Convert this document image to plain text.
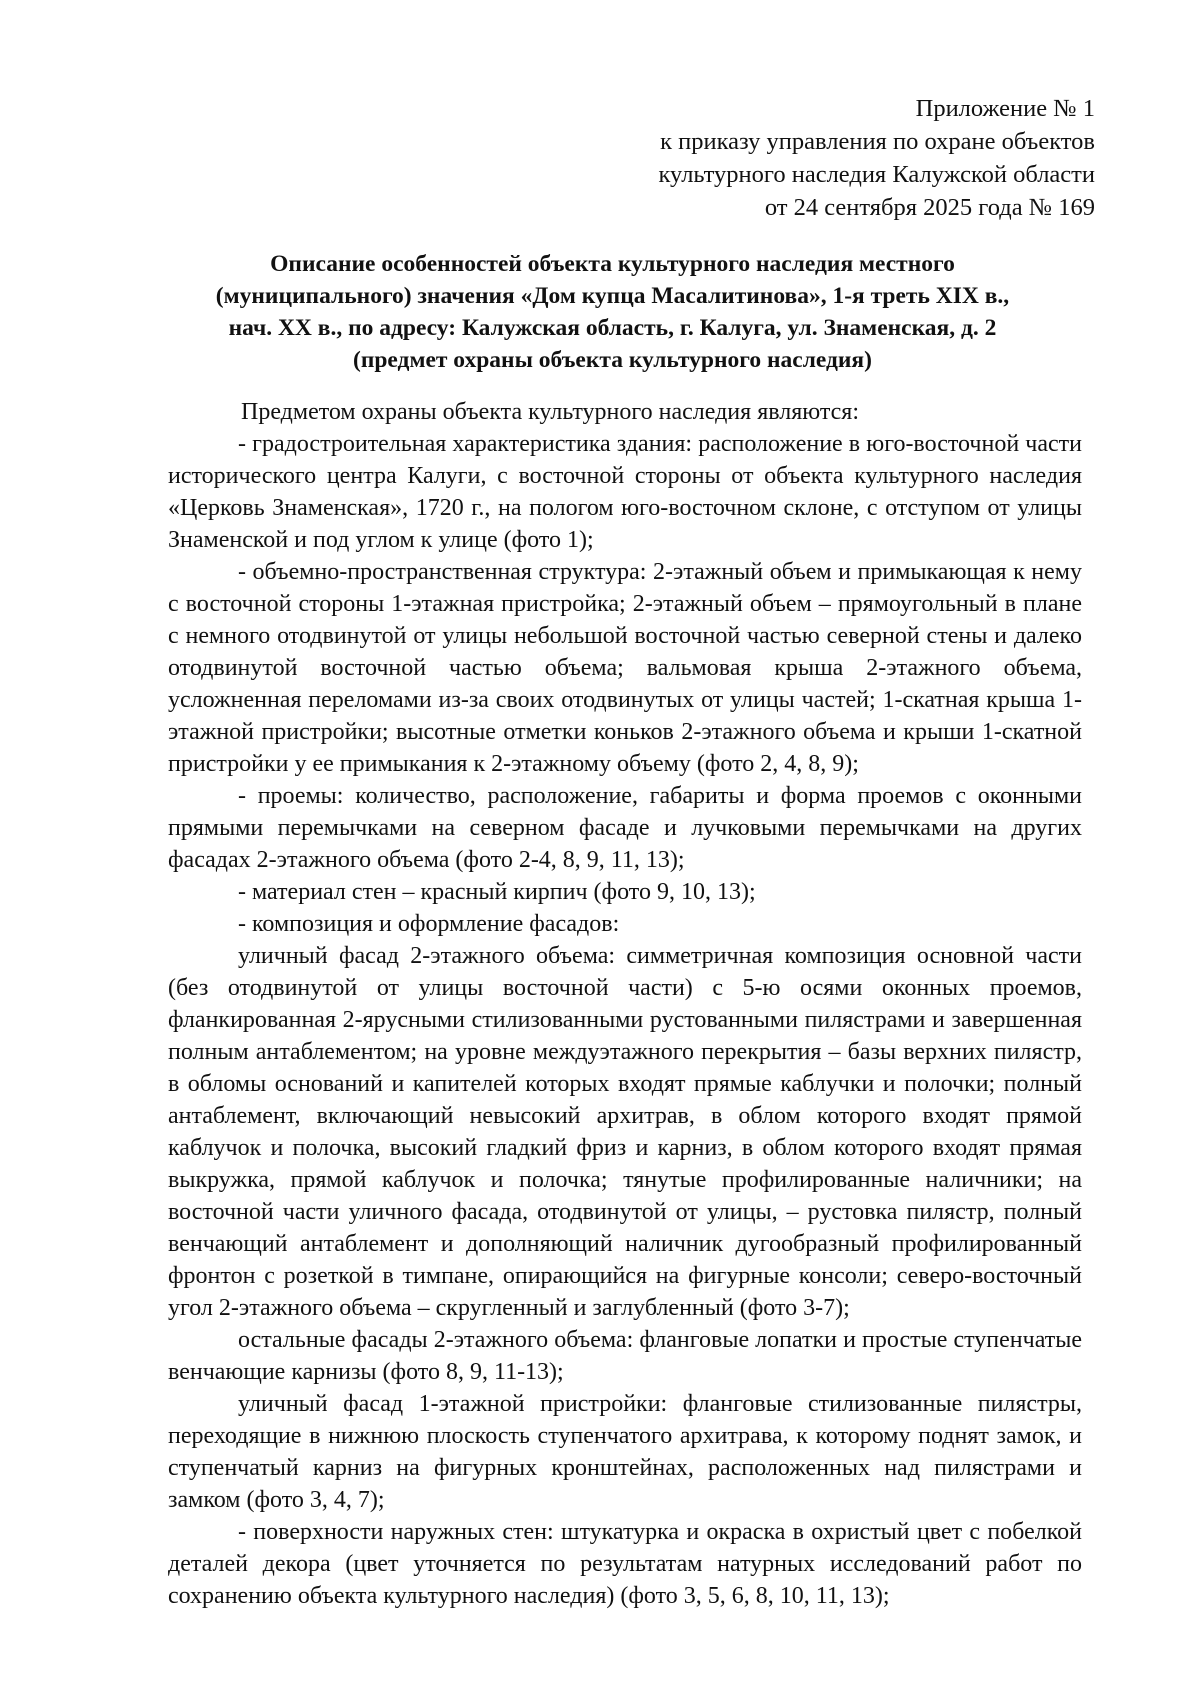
Приложение № 1
к приказу управления по охране объектов
культурного наследия Калужской области
от 24 сентября 2025 года № 169
Описание особенностей объекта культурного наследия местного
(муниципального) значения «Дом купца Масалитинова», 1-я треть XIX в.,
нач. XX в., по адресу: Калужская область, г. Калуга, ул. Знаменская, д. 2
(предмет охраны объекта культурного наследия)

Предметом охраны объекта культурного наследия являются:

- градостроительная характеристика здания: расположение в юго-восточной части исторического центра Калуги, с восточной стороны от объекта культурного наследия «Церковь Знаменская», 1720 г., на пологом юго-восточном склоне, с отступом от улицы Знаменской и под углом к улице (фото 1);

- объемно-пространственная структура: 2-этажный объем и примыкающая к нему с восточной стороны 1-этажная пристройка; 2-этажный объем – прямоугольный в плане с немного отодвинутой от улицы небольшой восточной частью северной стены и далеко отодвинутой восточной частью объема; вальмовая крыша 2-этажного объема, усложненная переломами из-за своих отодвинутых от улицы частей; 1-скатная крыша 1-этажной пристройки; высотные отметки коньков 2-этажного объема и крыши 1-скатной пристройки у ее примыкания к 2-этажному объему (фото 2, 4, 8, 9);

- проемы: количество, расположение, габариты и форма проемов с оконными прямыми перемычками на северном фасаде и лучковыми перемычками на других фасадах 2-этажного объема (фото 2-4, 8, 9, 11, 13);

- материал стен – красный кирпич (фото 9, 10, 13);

- композиция и оформление фасадов:

уличный фасад 2-этажного объема: симметричная композиция основной части (без отодвинутой от улицы восточной части) с 5-ю осями оконных проемов, фланкированная 2-ярусными стилизованными рустованными пилястрами и завершенная полным антаблементом; на уровне междуэтажного перекрытия – базы верхних пилястр, в обломы оснований и капителей которых входят прямые каблучки и полочки; полный антаблемент, включающий невысокий архитрав, в облом которого входят прямой каблучок и полочка, высокий гладкий фриз и карниз, в облом которого входят прямая выкружка, прямой каблучок и полочка; тянутые профилированные наличники; на восточной части уличного фасада, отодвинутой от улицы, – рустовка пилястр, полный венчающий антаблемент и дополняющий наличник дугообразный профилированный фронтон с розеткой в тимпане, опирающийся на фигурные консоли; северо-восточный угол 2-этажного объема – скругленный и заглубленный (фото 3-7);

остальные фасады 2-этажного объема: фланговые лопатки и простые ступенчатые венчающие карнизы (фото 8, 9, 11-13);

уличный фасад 1-этажной пристройки: фланговые стилизованные пилястры, переходящие в нижнюю плоскость ступенчатого архитрава, к которому поднят замок, и ступенчатый карниз на фигурных кронштейнах, расположенных над пилястрами и замком (фото 3, 4, 7);

- поверхности наружных стен: штукатурка и окраска в охристый цвет с побелкой деталей декора (цвет уточняется по результатам натурных исследований работ по сохранению объекта культурного наследия) (фото 3, 5, 6, 8, 10, 11, 13);
